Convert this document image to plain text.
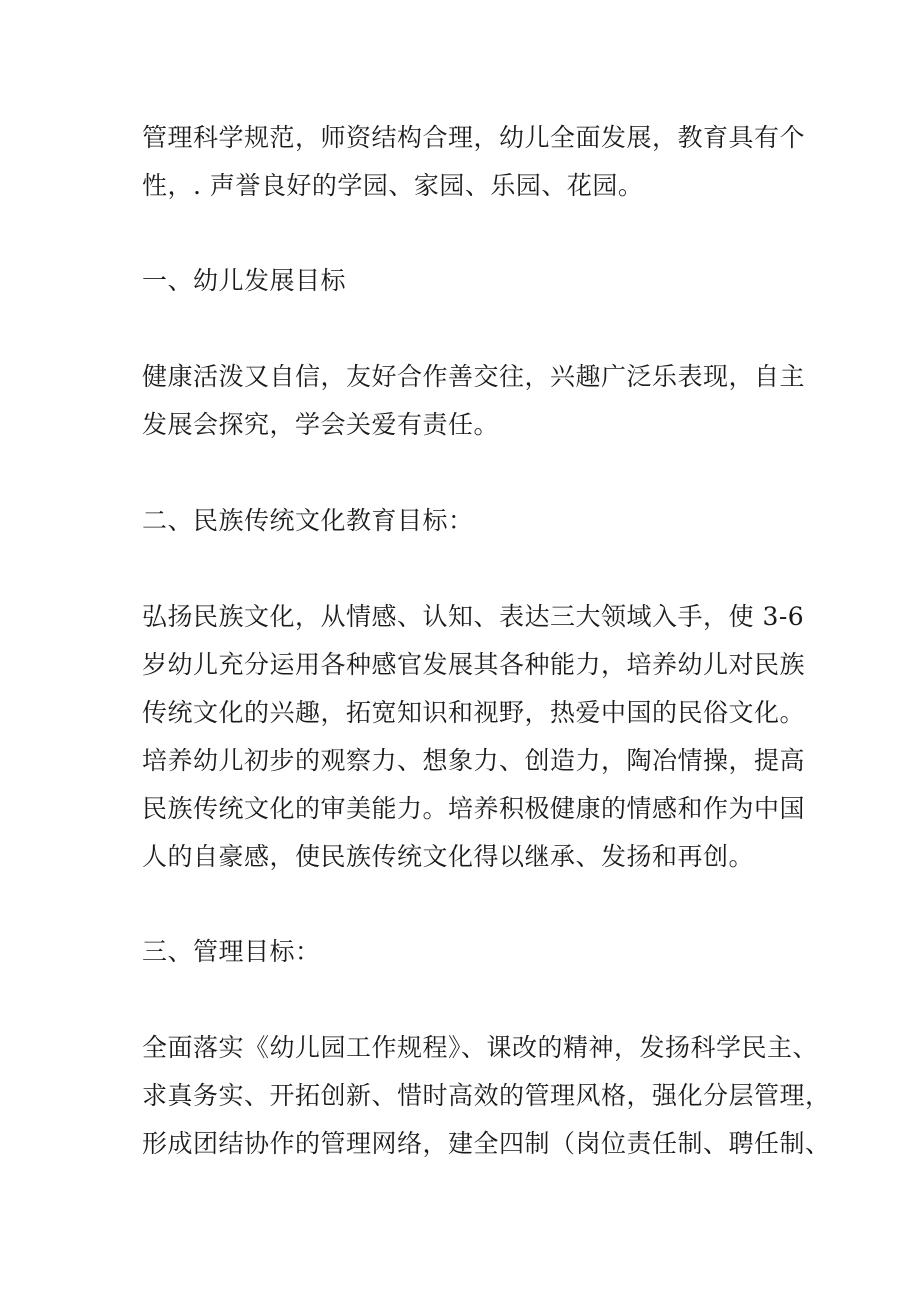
管理科学规范，师资结构合理，幼儿全面发展，教育具有个
性，. 声誉良好的学园、家园、乐园、花园。
一、幼儿发展目标
健康活泼又自信，友好合作善交往，兴趣广泛乐表现，自主
发展会探究，学会关爱有责任。
二、民族传统文化教育目标：
弘扬民族文化，从情感、认知、表达三大领域入手，使 3-6
岁幼儿充分运用各种感官发展其各种能力，培养幼儿对民族
传统文化的兴趣，拓宽知识和视野，热爱中国的民俗文化。
培养幼儿初步的观察力、想象力、创造力，陶冶情操，提高
民族传统文化的审美能力。培养积极健康的情感和作为中国
人的自豪感，使民族传统文化得以继承、发扬和再创。
三、管理目标：
全面落实《幼儿园工作规程》、课改的精神，发扬科学民主、
求真务实、开拓创新、惜时高效的管理风格，强化分层管理，
形成团结协作的管理网络，建全四制（岗位责任制、聘任制、
